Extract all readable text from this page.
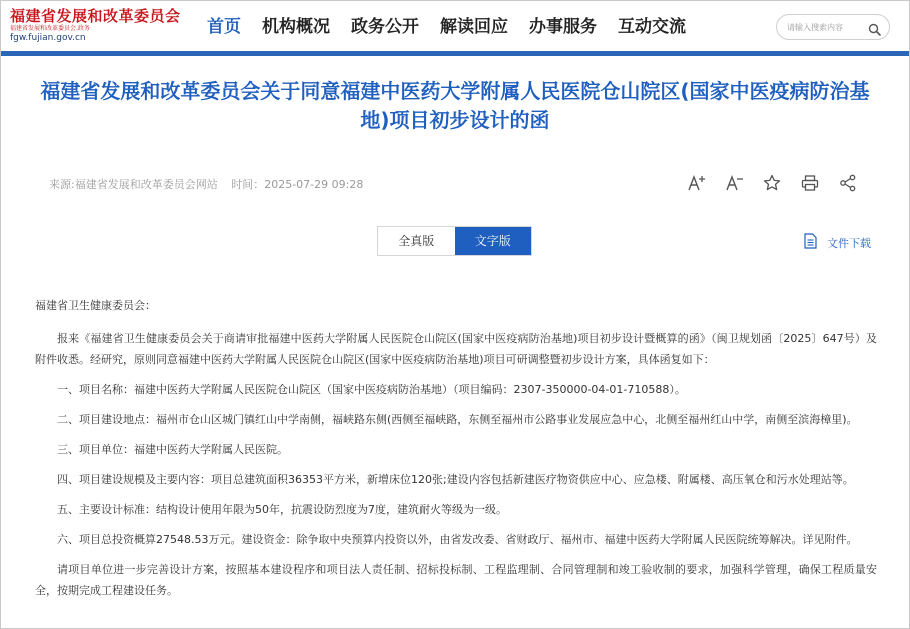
福建省发展和改革委员会
福建省发展和改革委员会.政务
fgw.fujian.gov.cn
首页 机构概况 政务公开 解读回应 办事服务 互动交流
请输入搜索内容
福建省发展和改革委员会关于同意福建中医药大学附属人民医院仓山院区(国家中医疫病防治基地)项目初步设计的函
来源:福建省发展和改革委员会网站 时间：2025-07-29 09:28
全真版	文字版	文件下载

福建省卫生健康委员会：

报来《福建省卫生健康委员会关于商请审批福建中医药大学附属人民医院仓山院区(国家中医疫病防治基地)项目初步设计暨概算的函》（闽卫规划函〔2025〕647号）及附件收悉。经研究，原则同意福建中医药大学附属人民医院仓山院区(国家中医疫病防治基地)项目可研调整暨初步设计方案，具体函复如下：

一、项目名称：福建中医药大学附属人民医院仓山院区（国家中医疫病防治基地）（项目编码：2307-350000-04-01-710588）。

二、项目建设地点：福州市仓山区城门镇红山中学南侧，福峡路东侧(西侧至福峡路，东侧至福州市公路事业发展应急中心，北侧至福州红山中学，南侧至滨海樟里)。

三、项目单位：福建中医药大学附属人民医院。

四、项目建设规模及主要内容：项目总建筑面积36353平方米，新增床位120张;建设内容包括新建医疗物资供应中心、应急楼、附属楼、高压氧仓和污水处理站等。

五、主要设计标准：结构设计使用年限为50年，抗震设防烈度为7度，建筑耐火等级为一级。

六、项目总投资概算27548.53万元。建设资金：除争取中央预算内投资以外，由省发改委、省财政厅、福州市、福建中医药大学附属人民医院统筹解决。详见附件。

请项目单位进一步完善设计方案，按照基本建设程序和项目法人责任制、招标投标制、工程监理制、合同管理制和竣工验收制的要求，加强科学管理，确保工程质量安全，按期完成工程建设任务。
